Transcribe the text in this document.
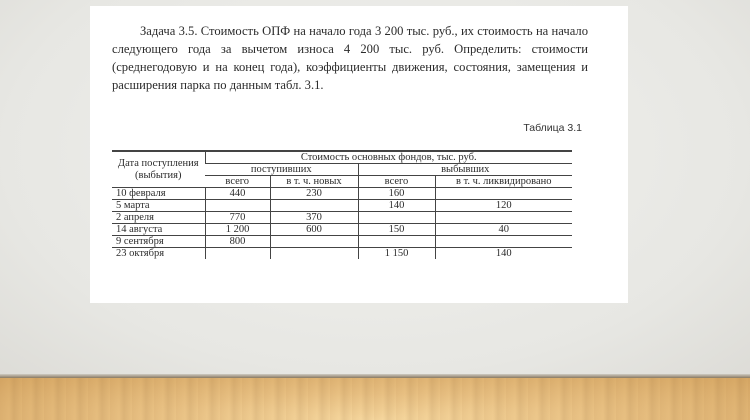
Задача 3.5. Стоимость ОПФ на начало года 3 200 тыс. руб., их стоимость на начало следующего года за вычетом износа 4 200 тыс. руб. Определить: стоимости (среднегодовую и на конец года), коэффициенты движения, состояния, замещения и расширения парка по данным табл. 3.1.

Таблица 3.1
Дата поступления (выбытия)	Стоимость основных фондов, тыс. руб.			
	поступивших		выбывших	
	всего	в т. ч. новых	всего	в т. ч. ликвидировано
10 февраля	440	230	160	
5 марта			140	120
2 апреля	770	370		
14 августа	1 200	600	150	40
9 сентября	800			
23 октября			1 150	140
